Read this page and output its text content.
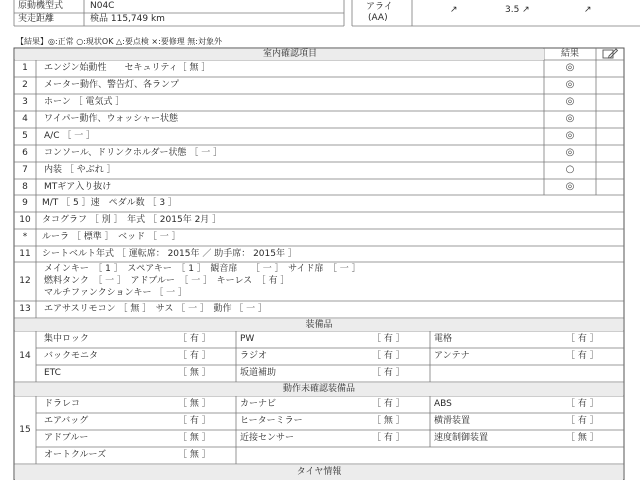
原動機型式	N04C
実走距離	検品 115,749 km
アライ
(AA)
↗	3.5 ↗	↗
【結果】◎:正常 ○:現状OK △:要点検 ×:要修理 無:対象外
室内確認項目	結果
1	エンジン始動性　　セキュリティ［ 無 ］	◎
2	メーター動作、警告灯、各ランプ	◎
3	ホーン ［ 電気式 ］	◎
4	ワイパー動作、ウォッシャー状態	◎
5	A/C ［ 一 ］	◎
6	コンソール、ドリンクホルダー状態 ［ 一 ］	◎
7	内装 ［ やぶれ ］	○
8	MTギア入り抜け	◎
9	M/T ［ 5 ］速　ペダル数 ［ 3 ］
10	タコグラフ ［ 別 ］　年式 ［ 2015年 2月 ］
*	ルーラ ［ 標準 ］　ベッド ［ 一 ］
11	シートベルト年式 ［ 運転席： 2015年 ／ 助手席： 2015年 ］
12
メインキー　［ 1 ］　スペアキー　［ 1 ］　観音扉　　［ 一 ］　サイド扉　［ 一 ］
燃料タンク　［ 一 ］　アドブルー　［ 一 ］　キーレス　［ 有 ］
マルチファンクションキー ［ 一 ］
13	エアサスリモコン ［ 無 ］　サス ［ 一 ］　動作 ［ 一 ］
装備品
14
集中ロック	［ 有 ］	PW	［ 有 ］	電格	［ 有 ］
バックモニタ	［ 有 ］	ラジオ	［ 有 ］	アンテナ	［ 有 ］
ETC	［ 無 ］	坂道補助	［ 有 ］
動作未確認装備品
15
ドラレコ	［ 無 ］	カーナビ	［ 有 ］	ABS	［ 有 ］
エアバッグ	［ 有 ］	ヒーターミラー	［ 無 ］	横滑装置	［ 有 ］
アドブルー	［ 無 ］	近接センサー	［ 有 ］	速度制御装置	［ 無 ］
オートクルーズ	［ 無 ］
タイヤ情報
